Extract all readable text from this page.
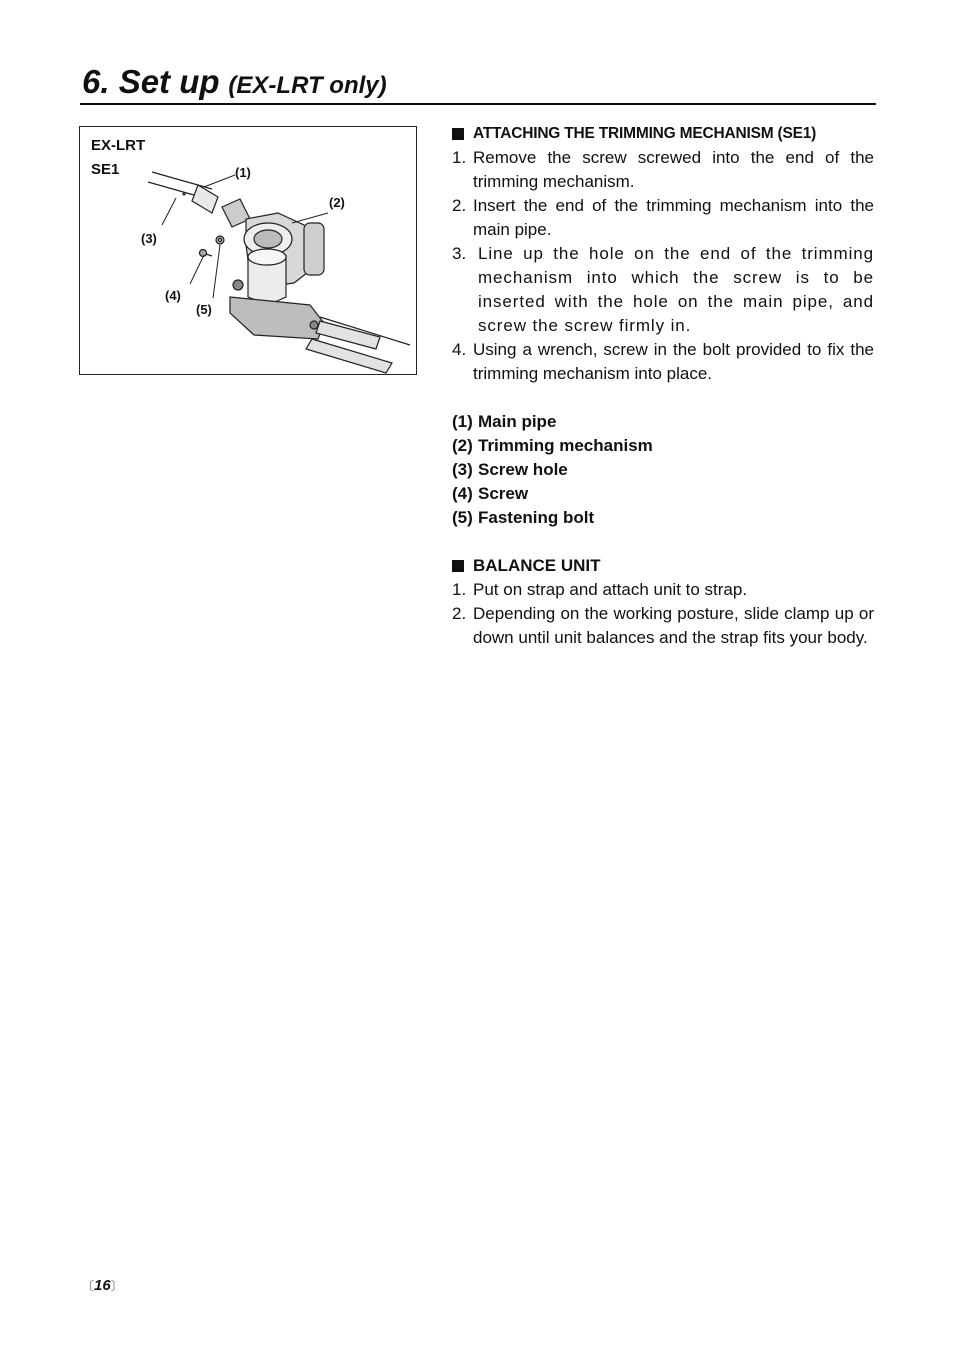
6. Set up (EX-LRT only)
EX-LRT
SE1	(1)
(2)
(3)
(4)
(5)
ATTACHING THE TRIMMING MECHANISM (SE1)
1. Remove the screw screwed into the end of the trimming mechanism.
2. Insert the end of the trimming mechanism into the main pipe.
3. Line up the hole on the end of the trimming mechanism into which the screw is to be inserted with the hole on the main pipe, and screw the screw firmly in.
4. Using a wrench, screw in the bolt provided to fix the trimming mechanism into place.
(1) Main pipe
(2) Trimming mechanism
(3) Screw hole
(4) Screw
(5) Fastening bolt
BALANCE UNIT
1. Put on strap and attach unit to strap.
2. Depending on the working posture, slide clamp up or down until unit balances and the strap fits your body.
〔16〕
